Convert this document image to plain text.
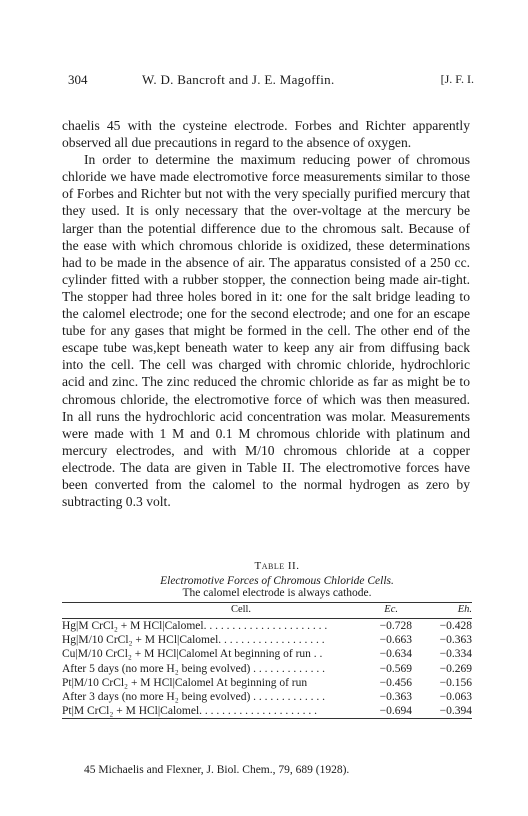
304	W. D. Bancroft and J. E. Magoffin.	[J. F. I.

chaelis 45 with the cysteine electrode. Forbes and Richter apparently observed all due precautions in regard to the absence of oxygen.

In order to determine the maximum reducing power of chromous chloride we have made electromotive force measurements similar to those of Forbes and Richter but not with the very specially purified mercury that they used. It is only necessary that the over-voltage at the mercury be larger than the potential difference due to the chromous salt. Because of the ease with which chromous chloride is oxidized, these determinations had to be made in the absence of air. The apparatus consisted of a 250 cc. cylinder fitted with a rubber stopper, the connection being made air-tight. The stopper had three holes bored in it: one for the salt bridge leading to the calomel electrode; one for the second electrode; and one for an escape tube for any gases that might be formed in the cell. The other end of the escape tube was,kept beneath water to keep any air from diffusing back into the cell. The cell was charged with chromic chloride, hydrochloric acid and zinc. The zinc reduced the chromic chloride as far as might be to chromous chloride, the electromotive force of which was then measured. In all runs the hydrochloric acid concentration was molar. Measurements were made with 1 M and 0.1 M chromous chloride with platinum and mercury electrodes, and with M/10 chromous chloride at a copper electrode. The data are given in Table II. The electromotive forces have been converted from the calomel to the normal hydrogen as zero by subtracting 0.3 volt.

Table II.
Electromotive Forces of Chromous Chloride Cells.
The calomel electrode is always cathode.
Cell.	Ec.	Eh.
Hg|M CrCl₂ + M HCl|Calomel. . . . . . . . . . . . . . . . . . . . . .	−0.728	−0.428
Hg|M/10 CrCl₂ + M HCl|Calomel. . . . . . . . . . . . . . . . . . .	−0.663	−0.363
Cu|M/10 CrCl₂ + M HCl|Calomel At beginning of run . .	−0.634	−0.334
After 5 days (no more H₂ being evolved) . . . . . . . . . . . . .	−0.569	−0.269
Pt|M/10 CrCl₂ + M HCl|Calomel At beginning of run	−0.456	−0.156
After 3 days (no more H₂ being evolved) . . . . . . . . . . . . .	−0.363	−0.063
Pt|M CrCl₂ + M HCl|Calomel. . . . . . . . . . . . . . . . . . . . .	−0.694	−0.394
45 Michaelis and Flexner, J. Biol. Chem., 79, 689 (1928).
